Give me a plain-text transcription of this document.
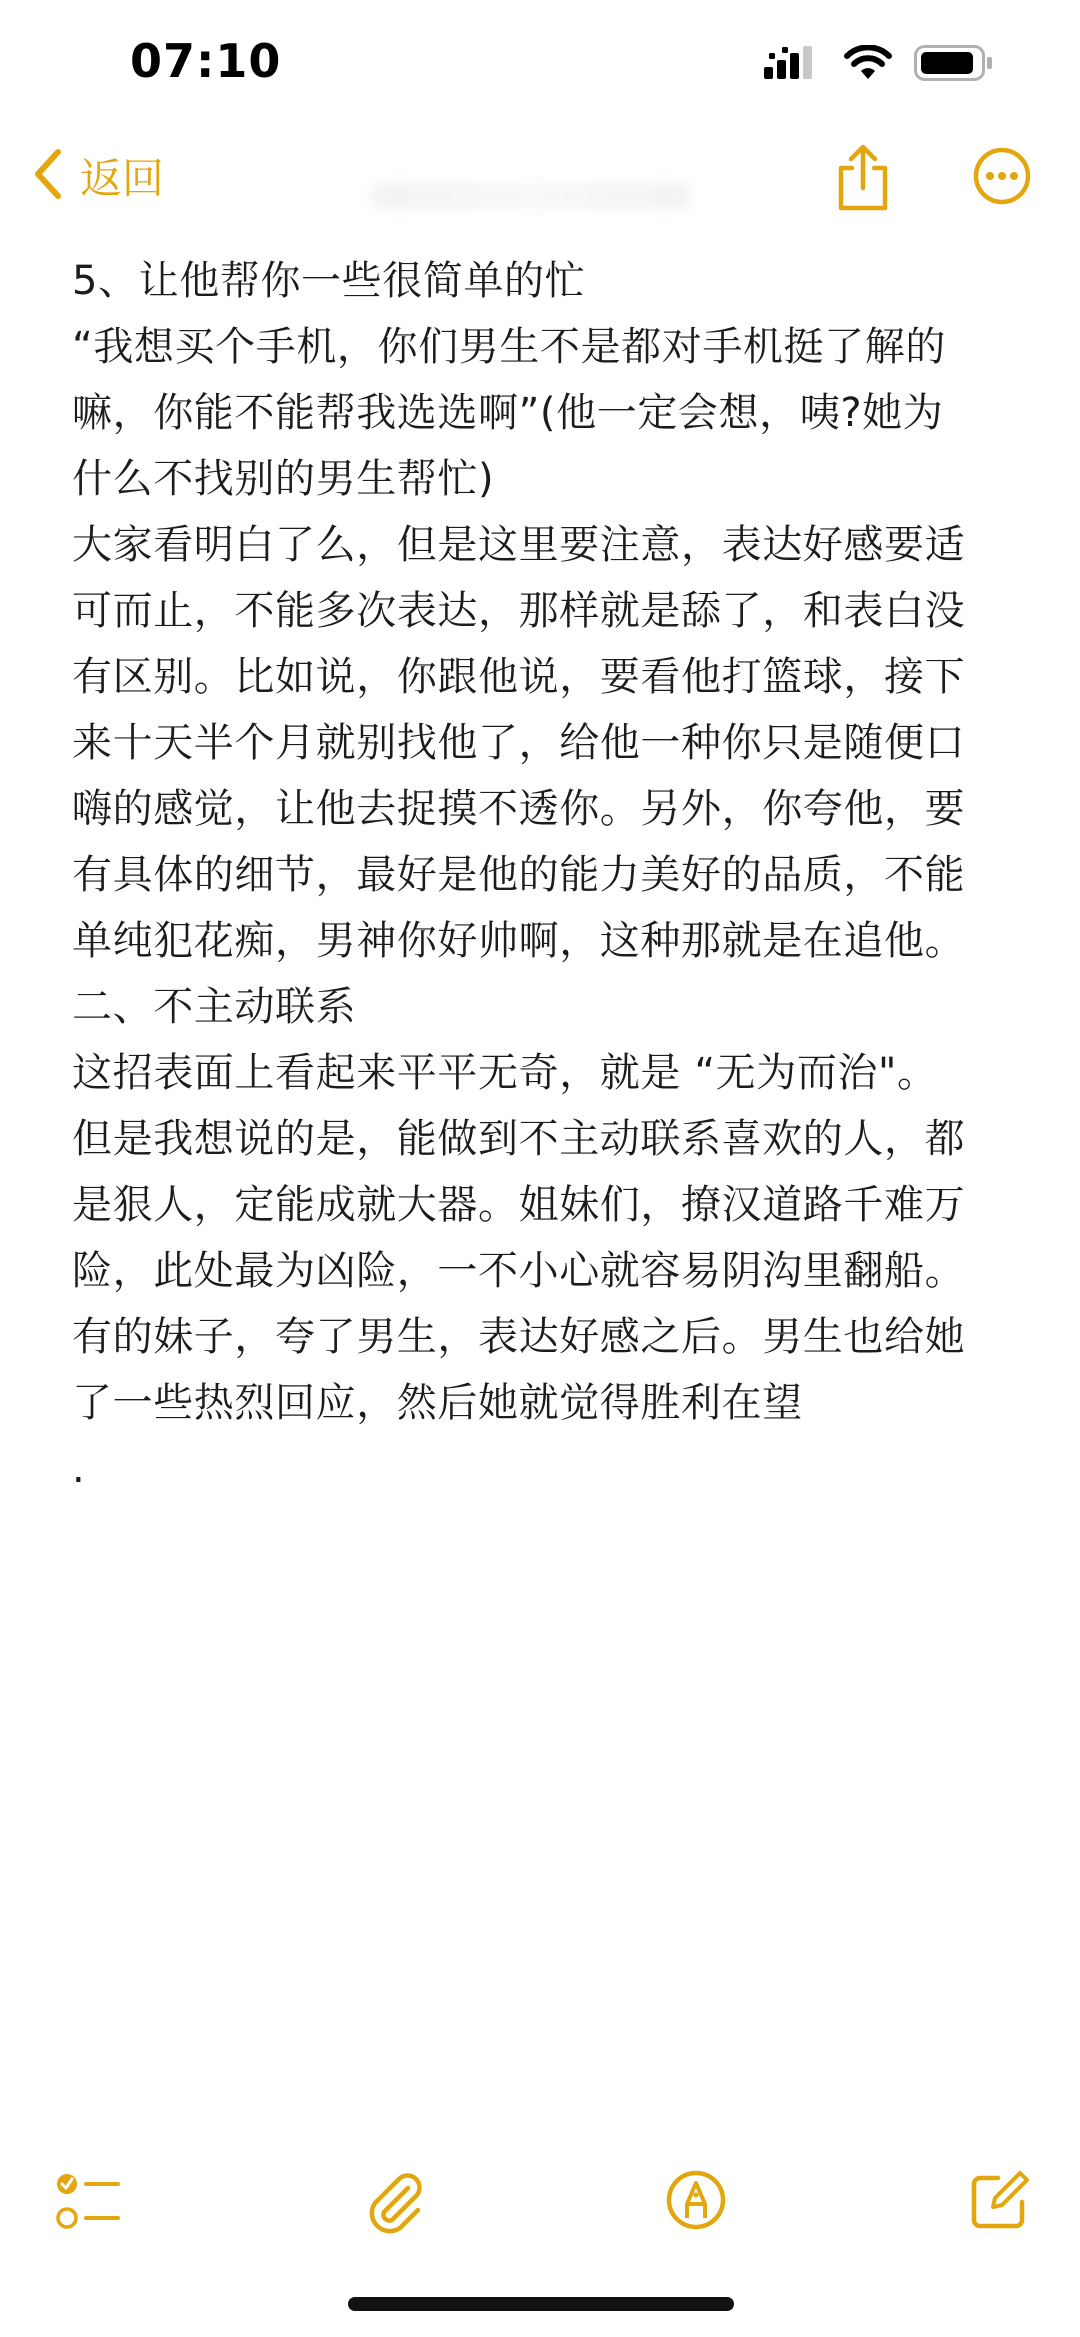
07:10
返回
5、让他帮你一些很简单的忙
“我想买个手机，你们男生不是都对手机挺了解的
嘛，你能不能帮我选选啊”(他一定会想，咦?她为
什么不找别的男生帮忙)
大家看明白了么，但是这里要注意，表达好感要适
可而止，不能多次表达，那样就是舔了，和表白没
有区别。比如说，你跟他说，要看他打篮球，接下
来十天半个月就别找他了，给他一种你只是随便口
嗨的感觉，让他去捉摸不透你。另外，你夸他，要
有具体的细节，最好是他的能力美好的品质，不能
单纯犯花痴，男神你好帅啊，这种那就是在追他。
二、不主动联系
这招表面上看起来平平无奇，就是 “无为而治"。
但是我想说的是，能做到不主动联系喜欢的人，都
是狠人，定能成就大器。姐妹们，撩汉道路千难万
险，此处最为凶险，一不小心就容易阴沟里翻船。
有的妹子，夸了男生，表达好感之后。男生也给她
了一些热烈回应，然后她就觉得胜利在望
.
